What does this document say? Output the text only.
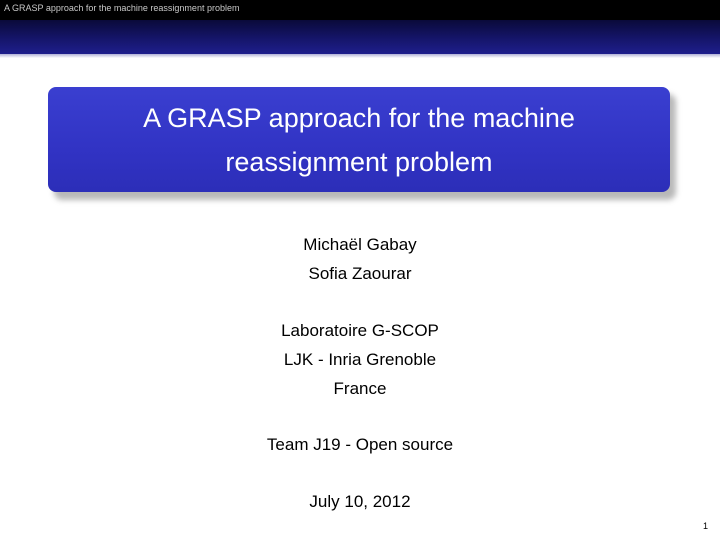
A GRASP approach for the machine reassignment problem
A GRASP approach for the machine reassignment problem
Michaël Gabay
Sofia Zaourar
Laboratoire G-SCOP
LJK - Inria Grenoble
France
Team J19 - Open source
July 10, 2012
1
